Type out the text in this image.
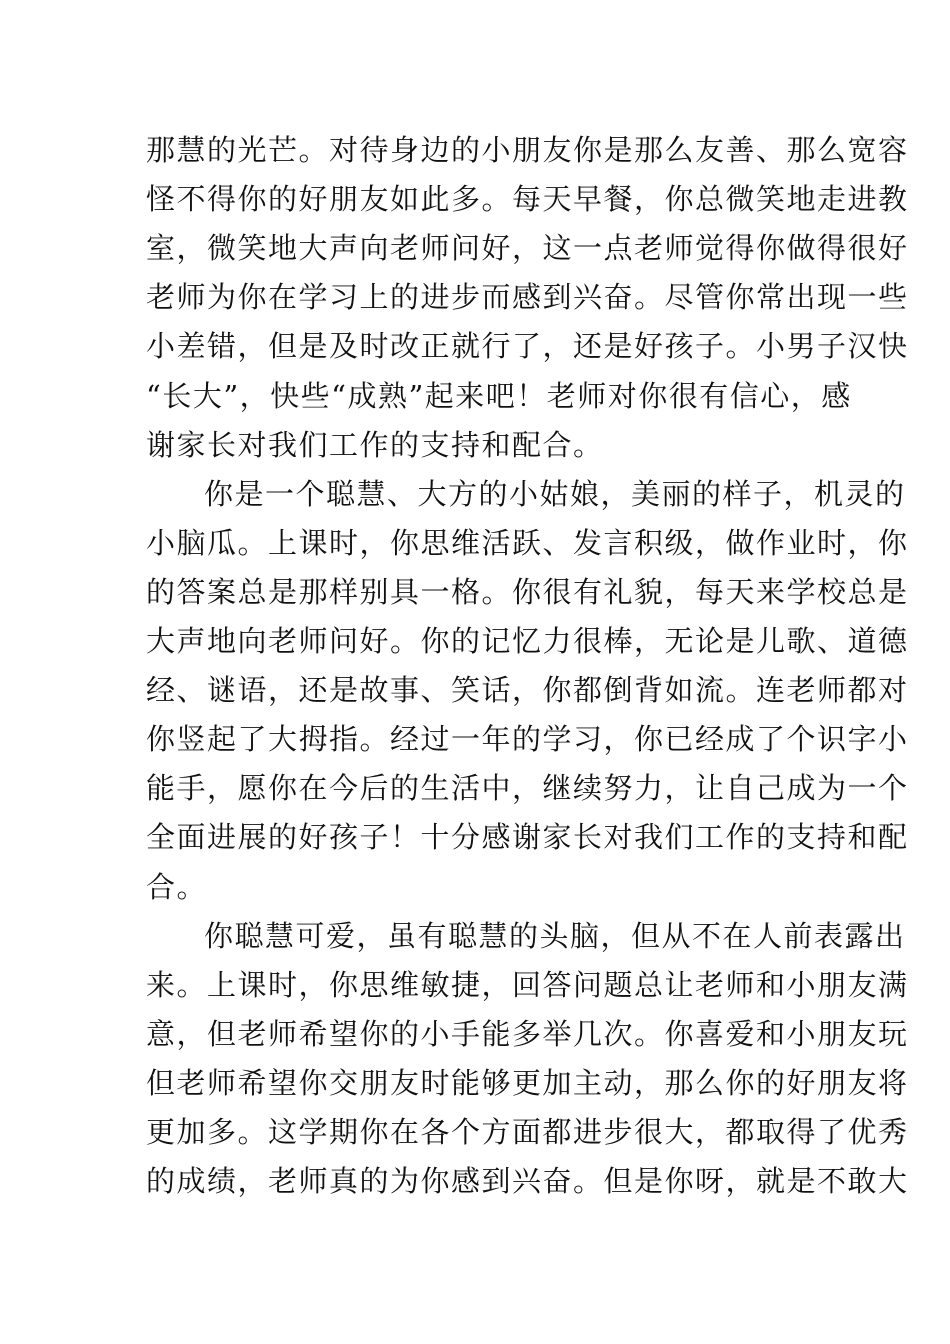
那慧的光芒。对待身边的小朋友你是那么友善、那么宽容
怪不得你的好朋友如此多。每天早餐，你总微笑地走进教
室，微笑地大声向老师问好，这一点老师觉得你做得很好
老师为你在学习上的进步而感到兴奋。尽管你常出现一些
小差错，但是及时改正就行了，还是好孩子。小男子汉快
“长大”，快些“成熟”起来吧！老师对你很有信心，感
谢家长对我们工作的支持和配合。
你是一个聪慧、大方的小姑娘，美丽的样子，机灵的
小脑瓜。上课时，你思维活跃、发言积级，做作业时，你
的答案总是那样别具一格。你很有礼貌，每天来学校总是
大声地向老师问好。你的记忆力很棒，无论是儿歌、道德
经、谜语，还是故事、笑话，你都倒背如流。连老师都对
你竖起了大拇指。经过一年的学习，你已经成了个识字小
能手，愿你在今后的生活中，继续努力，让自己成为一个
全面进展的好孩子！十分感谢家长对我们工作的支持和配
合。
你聪慧可爱，虽有聪慧的头脑，但从不在人前表露出
来。上课时，你思维敏捷，回答问题总让老师和小朋友满
意，但老师希望你的小手能多举几次。你喜爱和小朋友玩
但老师希望你交朋友时能够更加主动，那么你的好朋友将
更加多。这学期你在各个方面都进步很大，都取得了优秀
的成绩，老师真的为你感到兴奋。但是你呀，就是不敢大
